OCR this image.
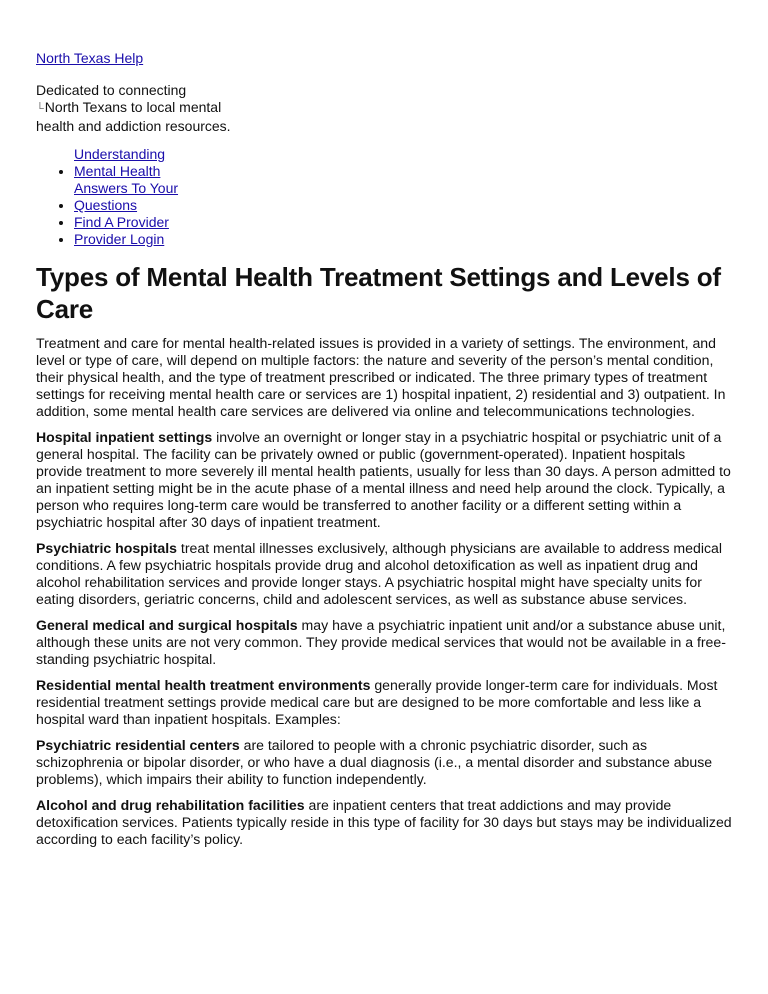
North Texas Help
Dedicated to connecting
└North Texans to local mental health and addiction resources.
• Understanding Mental Health
• Answers To Your Questions
• Find A Provider
• Provider Login
Types of Mental Health Treatment Settings and Levels of Care

Treatment and care for mental health-related issues is provided in a variety of settings. The environment, and level or type of care, will depend on multiple factors: the nature and severity of the person’s mental condition, their physical health, and the type of treatment prescribed or indicated. The three primary types of treatment settings for receiving mental health care or services are 1) hospital inpatient, 2) residential and 3) outpatient. In addition, some mental health care services are delivered via online and telecommunications technologies.

Hospital inpatient settings involve an overnight or longer stay in a psychiatric hospital or psychiatric unit of a general hospital. The facility can be privately owned or public (government-operated). Inpatient hospitals provide treatment to more severely ill mental health patients, usually for less than 30 days. A person admitted to an inpatient setting might be in the acute phase of a mental illness and need help around the clock. Typically, a person who requires long-term care would be transferred to another facility or a different setting within a psychiatric hospital after 30 days of inpatient treatment.

Psychiatric hospitals treat mental illnesses exclusively, although physicians are available to address medical conditions. A few psychiatric hospitals provide drug and alcohol detoxification as well as inpatient drug and alcohol rehabilitation services and provide longer stays. A psychiatric hospital might have specialty units for eating disorders, geriatric concerns, child and adolescent services, as well as substance abuse services.

General medical and surgical hospitals may have a psychiatric inpatient unit and/or a substance abuse unit, although these units are not very common. They provide medical services that would not be available in a free-standing psychiatric hospital.

Residential mental health treatment environments generally provide longer-term care for individuals. Most residential treatment settings provide medical care but are designed to be more comfortable and less like a hospital ward than inpatient hospitals. Examples:

Psychiatric residential centers are tailored to people with a chronic psychiatric disorder, such as schizophrenia or bipolar disorder, or who have a dual diagnosis (i.e., a mental disorder and substance abuse problems), which impairs their ability to function independently.

Alcohol and drug rehabilitation facilities are inpatient centers that treat addictions and may provide detoxification services. Patients typically reside in this type of facility for 30 days but stays may be individualized according to each facility’s policy.
